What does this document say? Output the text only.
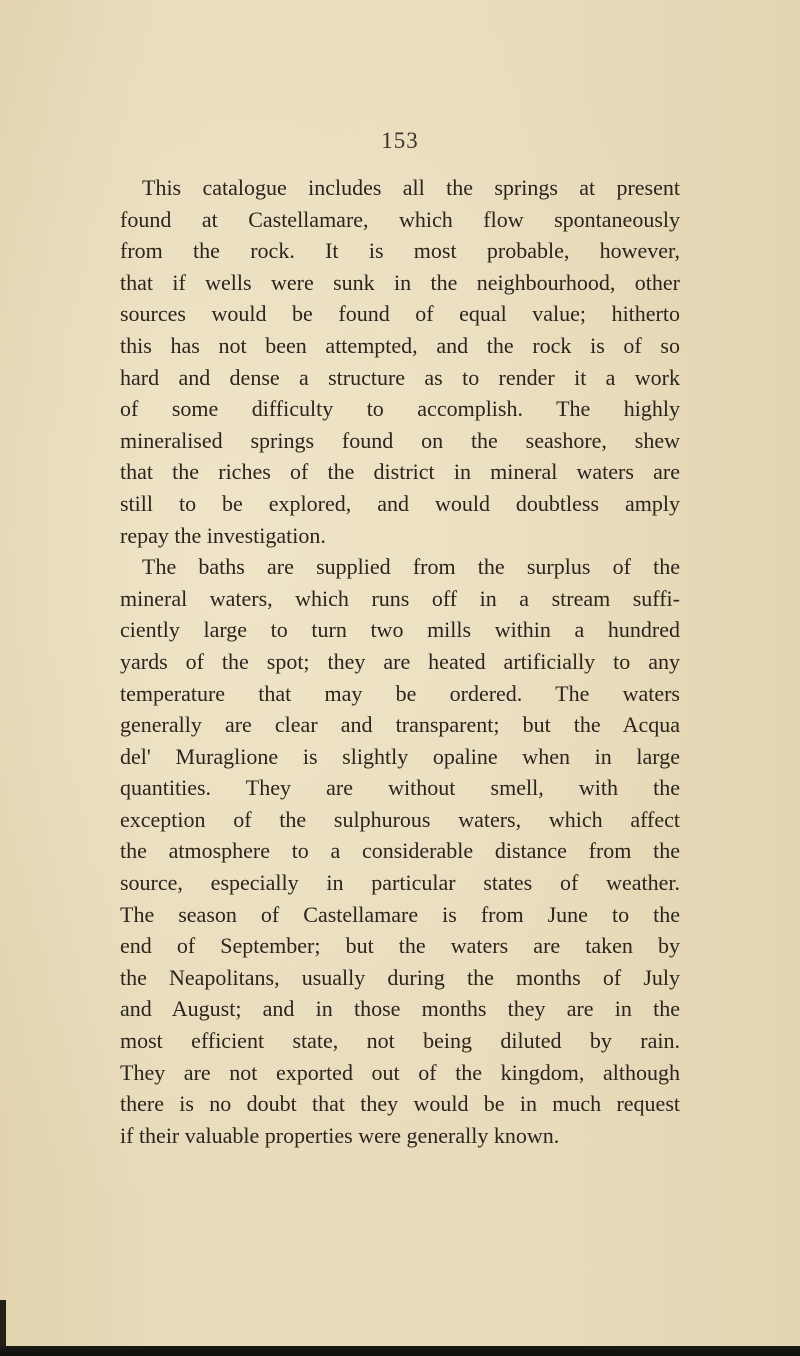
153
This catalogue includes all the springs at present
found at Castellamare, which flow spontaneously
from the rock. It is most probable, however,
that if wells were sunk in the neighbourhood, other
sources would be found of equal value; hitherto
this has not been attempted, and the rock is of so
hard and dense a structure as to render it a work
of some difficulty to accomplish. The highly
mineralised springs found on the seashore, shew
that the riches of the district in mineral waters are
still to be explored, and would doubtless amply
repay the investigation.
The baths are supplied from the surplus of the
mineral waters, which runs off in a stream suffi-
ciently large to turn two mills within a hundred
yards of the spot; they are heated artificially to any
temperature that may be ordered. The waters
generally are clear and transparent; but the Acqua
del' Muraglione is slightly opaline when in large
quantities. They are without smell, with the
exception of the sulphurous waters, which affect
the atmosphere to a considerable distance from the
source, especially in particular states of weather.
The season of Castellamare is from June to the
end of September; but the waters are taken by
the Neapolitans, usually during the months of July
and August; and in those months they are in the
most efficient state, not being diluted by rain.
They are not exported out of the kingdom, although
there is no doubt that they would be in much request
if their valuable properties were generally known.
